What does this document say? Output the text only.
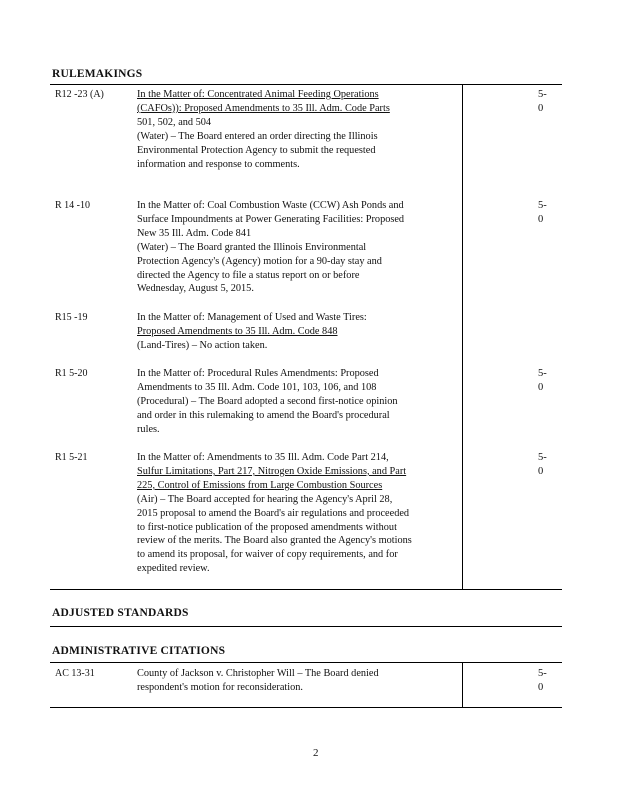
RULEMAKINGS
R12 -23 (A)	In the Matter of: Concentrated Animal Feeding Operations
(CAFOs)): Proposed Amendments to 35 Ill. Adm. Code Parts
501, 502, and 504
(Water) – The Board entered an order directing the Illinois
Environmental Protection Agency to submit the requested
information and response to comments.
5-0
R 14 -10	In the Matter of: Coal Combustion Waste (CCW) Ash Ponds and
Surface Impoundments at Power Generating Facilities: Proposed
New 35 Ill. Adm. Code 841
(Water) – The Board granted the Illinois Environmental
Protection Agency's (Agency) motion for a 90-day stay and
directed the Agency to file a status report on or before
Wednesday, August 5, 2015.
5-0
R15 -19	In the Matter of: Management of Used and Waste Tires:
Proposed Amendments to 35 Ill. Adm. Code 848
(Land-Tires) – No action taken.
R1 5-20	In the Matter of: Procedural Rules Amendments: Proposed
Amendments to 35 Ill. Adm. Code 101, 103, 106, and 108
(Procedural) – The Board adopted a second first-notice opinion
and order in this rulemaking to amend the Board's procedural
rules.
5-0
R1 5-21	In the Matter of: Amendments to 35 Ill. Adm. Code Part 214,
Sulfur Limitations, Part 217, Nitrogen Oxide Emissions, and Part
225, Control of Emissions from Large Combustion Sources
(Air) – The Board accepted for hearing the Agency's April 28,
2015 proposal to amend the Board's air regulations and proceeded
to first-notice publication of the proposed amendments without
review of the merits. The Board also granted the Agency's motions
to amend its proposal, for waiver of copy requirements, and for
expedited review.
5-0
ADJUSTED STANDARDS
ADMINISTRATIVE CITATIONS
AC 13-31	County of Jackson v. Christopher Will – The Board denied
respondent's motion for reconsideration.
5-0
2
